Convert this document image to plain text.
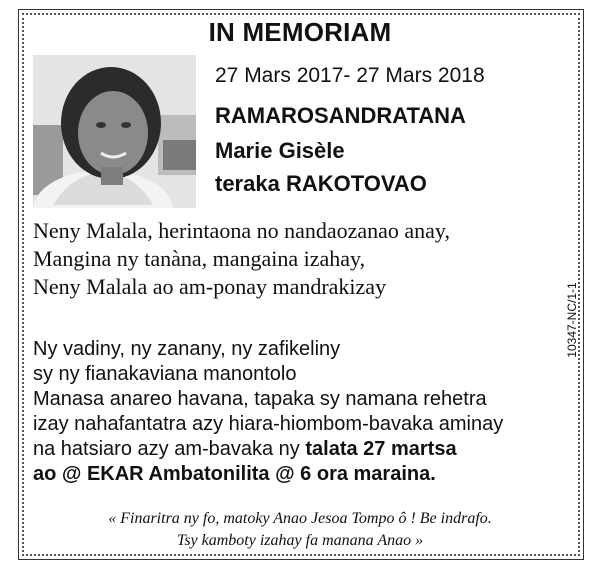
IN MEMORIAM
27 Mars 2017- 27 Mars 2018
RAMAROSANDRATANA
Marie Gisèle
teraka RAKOTOVAO
Neny Malala, herintaona no nandaozanao anay,
Mangina ny tanàna, mangaina izahay,
Neny Malala ao am-ponay mandrakizay
Ny vadiny, ny zanany, ny zafikeliny
sy ny fianakaviana manontolo
Manasa anareo havana, tapaka sy namana rehetra
izay nahafantatra azy hiara-hiombom-bavaka aminay
na hatsiaro azy am-bavaka ny talata 27 martsa
ao @ EKAR Ambatonilita @ 6 ora maraina.
« Finaritra ny fo, matoky Anao Jesoa Tompo ô ! Be indrafo.
Tsy kamboty izahay fa manana Anao »
10347-NC/1-1
